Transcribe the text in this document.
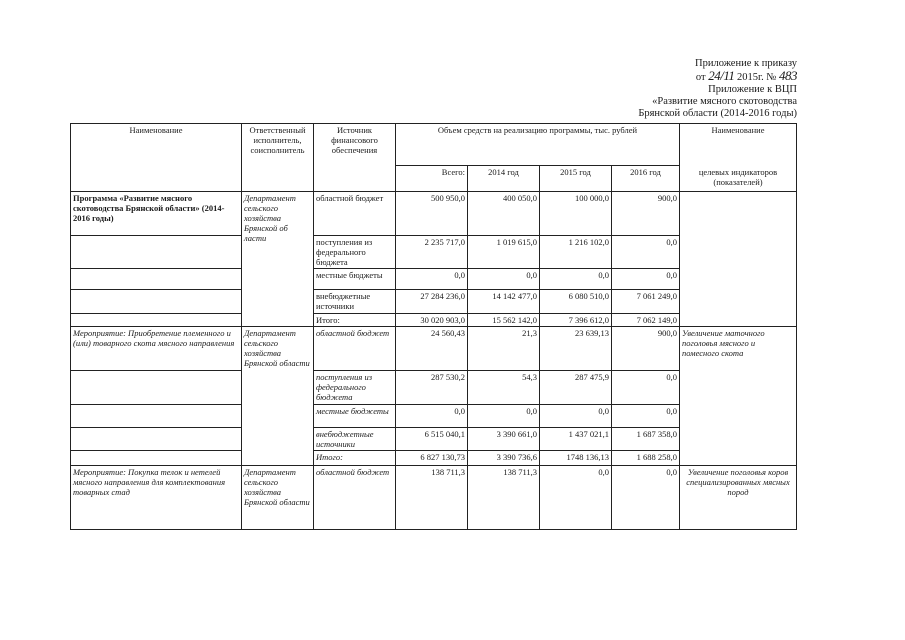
Приложение к приказу
от 24/11 2015г. № 483
Приложение к ВЦП
«Развитие мясного скотоводства
Брянской области (2014-2016 годы)
Наименование	Ответственный исполнитель, соисполнитель	Источник финансового обеспечения	Объем средств на реализацию программы, тыс. рублей				Наименование
			Всего:	2014 год	2015 год	2016 год	целевых индикаторов (показателей)
Программа «Развитие мясного скотоводства Брянской области» (2014-2016 годы)	Департамент сельского хозяйства Брянской об ласти	областной бюджет	500 950,0	400 050,0	100 000,0	900,0	
		поступления из федерального бюджета	2 235 717,0	1 019 615,0	1 216 102,0	0,0	
		местные бюджеты	0,0	0,0	0,0	0,0	
		внебюджетные источники	27 284 236,0	14 142 477,0	6 080 510,0	7 061 249,0	
		Итого:	30 020 903,0	15 562 142,0	7 396 612,0	7 062 149,0	
Мероприятие: Приобретение племенного и (или) товарного скота мясного направления	Департамент сельского хозяйства Брянской области	областной бюджет	24 560,43	21,3	23 639,13	900,0	Увеличение маточного поголовья мясного и помесного скота
		поступления из федерального бюджета	287 530,2	54,3	287 475,9	0,0	
		местные бюджеты	0,0	0,0	0,0	0,0	
		внебюджетные источники	6 515 040,1	3 390 661,0	1 437 021,1	1 687 358,0	
		Итого:	6 827 130,73	3 390 736,6	1748 136,13	1 688 258,0	
Мероприятие: Покупка телок и нетелей мясного направления для комплектования товарных стад	Департамент сельского хозяйства Брянской области	областной бюджет	138 711,3	138 711,3	0,0	0,0	Увеличение поголовья коров специализированных мясных пород
